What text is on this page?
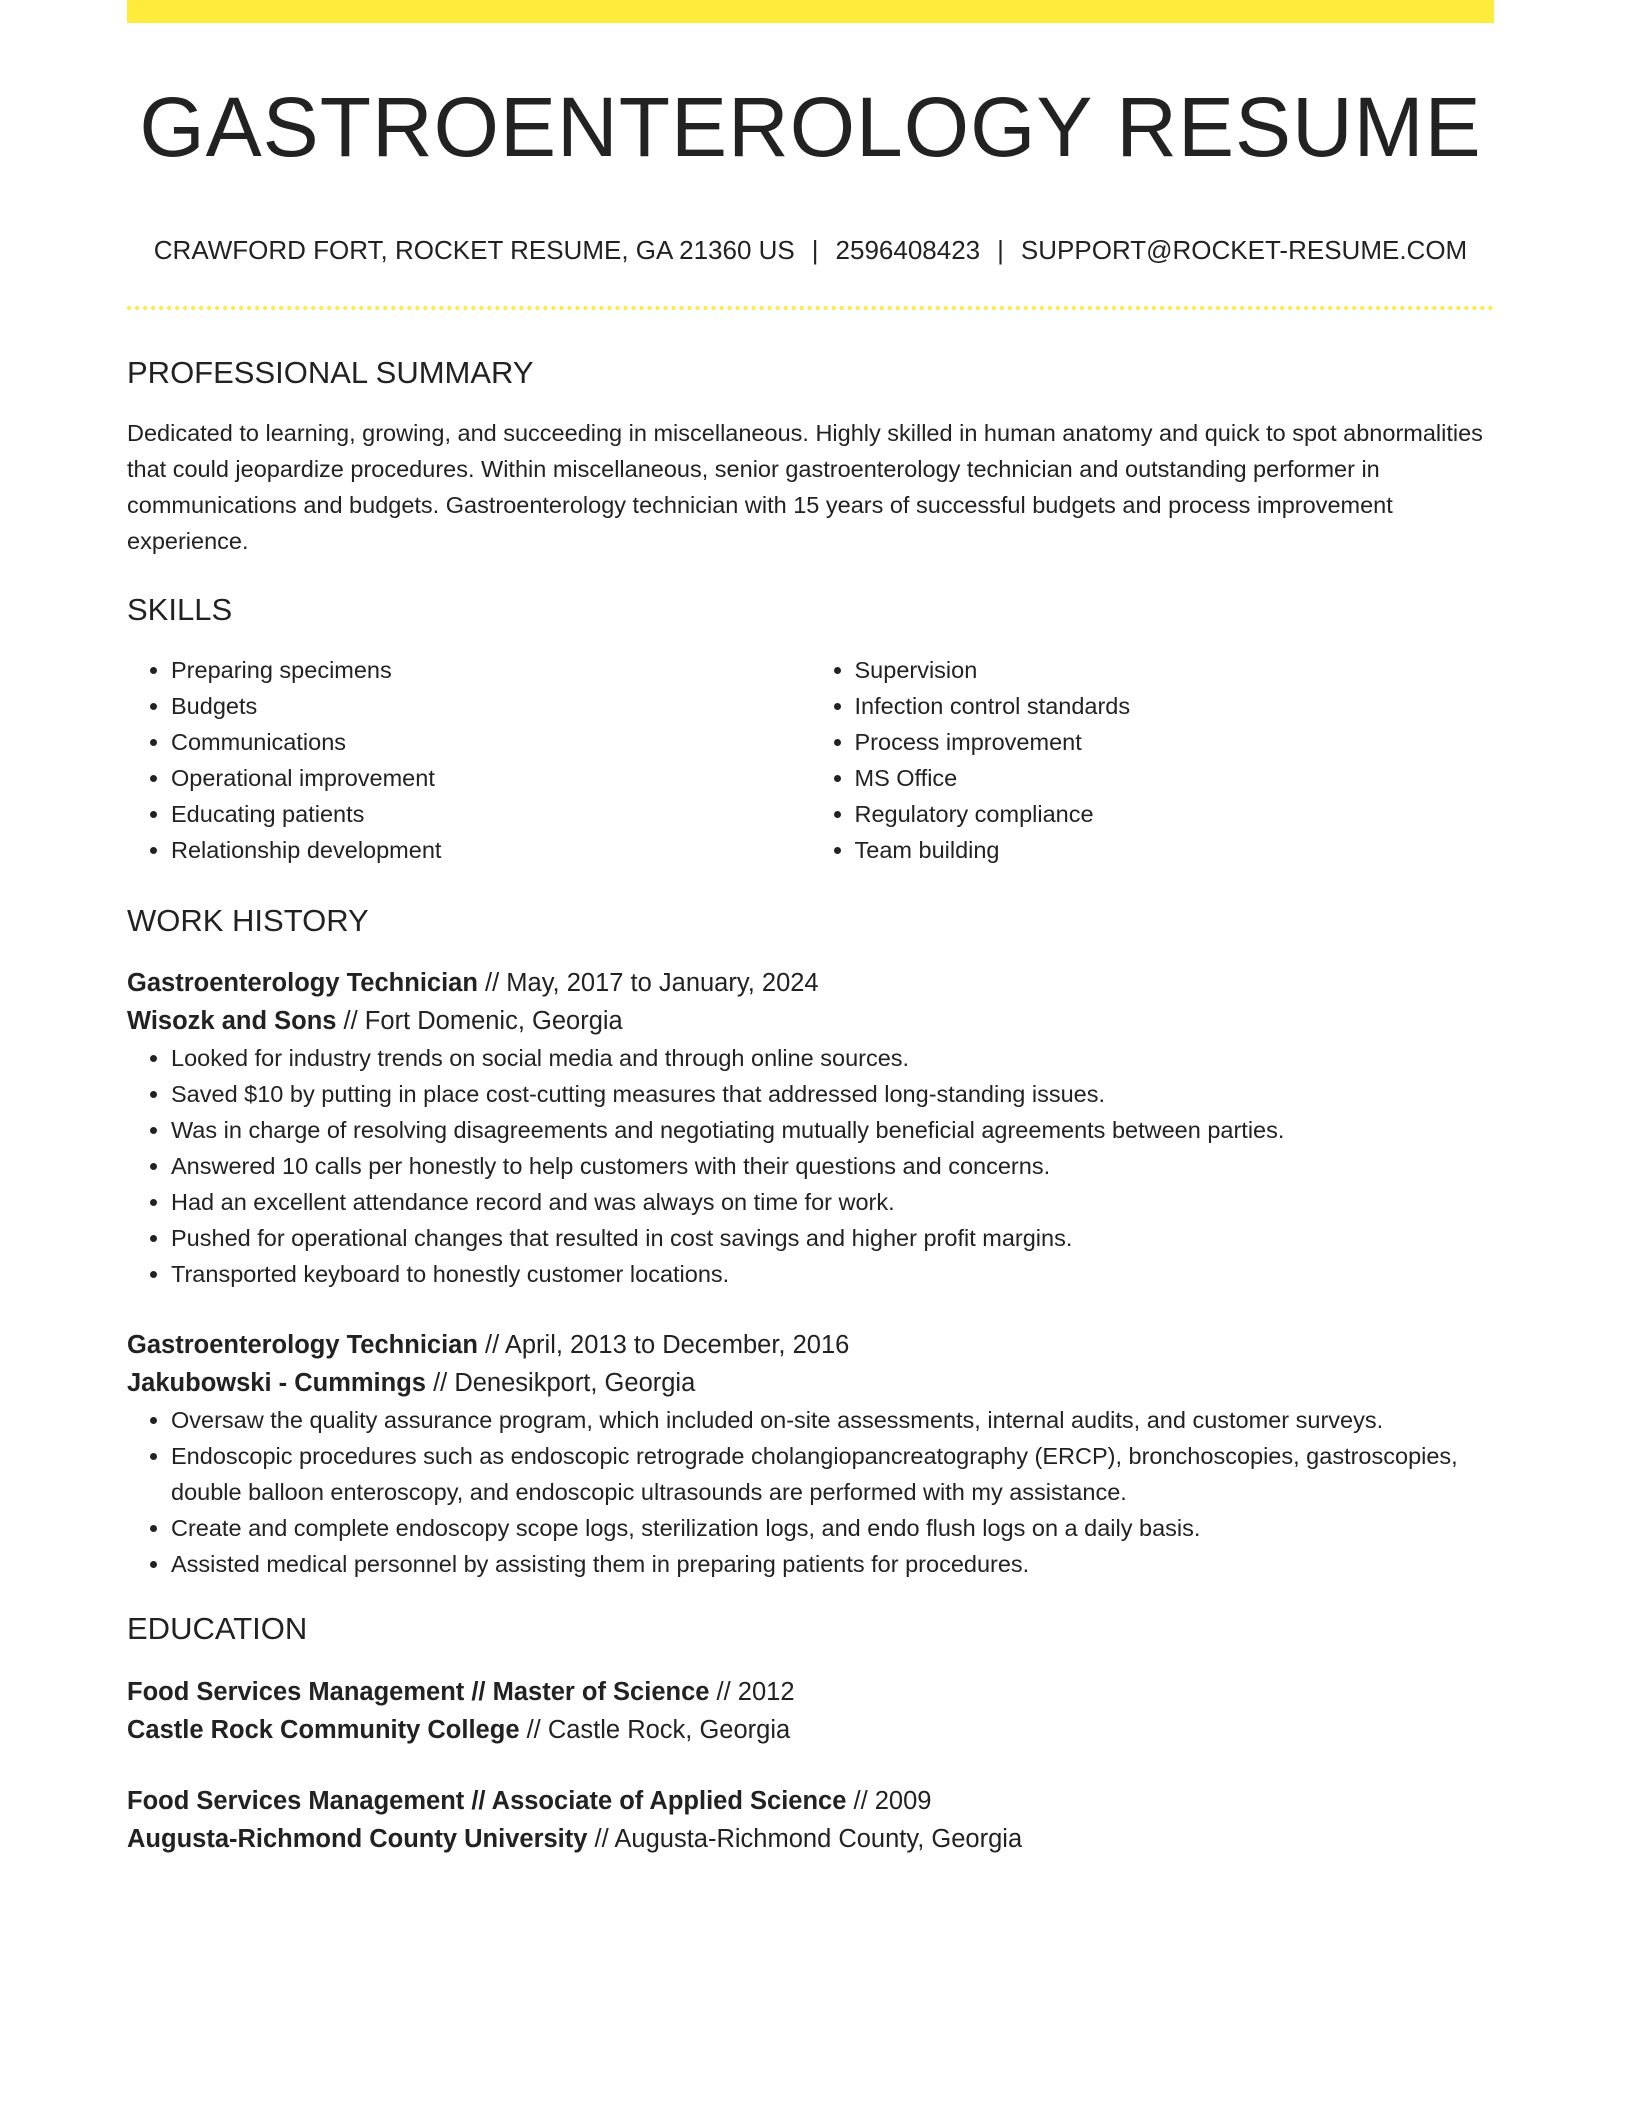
GASTROENTEROLOGY RESUME
CRAWFORD FORT, ROCKET RESUME, GA 21360 US | 2596408423 | SUPPORT@ROCKET-RESUME.COM
PROFESSIONAL SUMMARY

Dedicated to learning, growing, and succeeding in miscellaneous. Highly skilled in human anatomy and quick to spot abnormalities that could jeopardize procedures. Within miscellaneous, senior gastroenterology technician and outstanding performer in communications and budgets. Gastroenterology technician with 15 years of successful budgets and process improvement experience.

SKILLS
• Preparing specimens
• Budgets
• Communications
• Operational improvement
• Educating patients
• Relationship development
• Supervision
• Infection control standards
• Process improvement
• MS Office
• Regulatory compliance
• Team building
WORK HISTORY
Gastroenterology Technician // May, 2017 to January, 2024
Wisozk and Sons // Fort Domenic, Georgia
• Looked for industry trends on social media and through online sources.
• Saved $10 by putting in place cost-cutting measures that addressed long-standing issues.
• Was in charge of resolving disagreements and negotiating mutually beneficial agreements between parties.
• Answered 10 calls per honestly to help customers with their questions and concerns.
• Had an excellent attendance record and was always on time for work.
• Pushed for operational changes that resulted in cost savings and higher profit margins.
• Transported keyboard to honestly customer locations.
Gastroenterology Technician // April, 2013 to December, 2016
Jakubowski - Cummings // Denesikport, Georgia
• Oversaw the quality assurance program, which included on-site assessments, internal audits, and customer surveys.
• Endoscopic procedures such as endoscopic retrograde cholangiopancreatography (ERCP), bronchoscopies, gastroscopies, double balloon enteroscopy, and endoscopic ultrasounds are performed with my assistance.
• Create and complete endoscopy scope logs, sterilization logs, and endo flush logs on a daily basis.
• Assisted medical personnel by assisting them in preparing patients for procedures.
EDUCATION
Food Services Management // Master of Science // 2012
Castle Rock Community College // Castle Rock, Georgia
Food Services Management // Associate of Applied Science // 2009
Augusta-Richmond County University // Augusta-Richmond County, Georgia
